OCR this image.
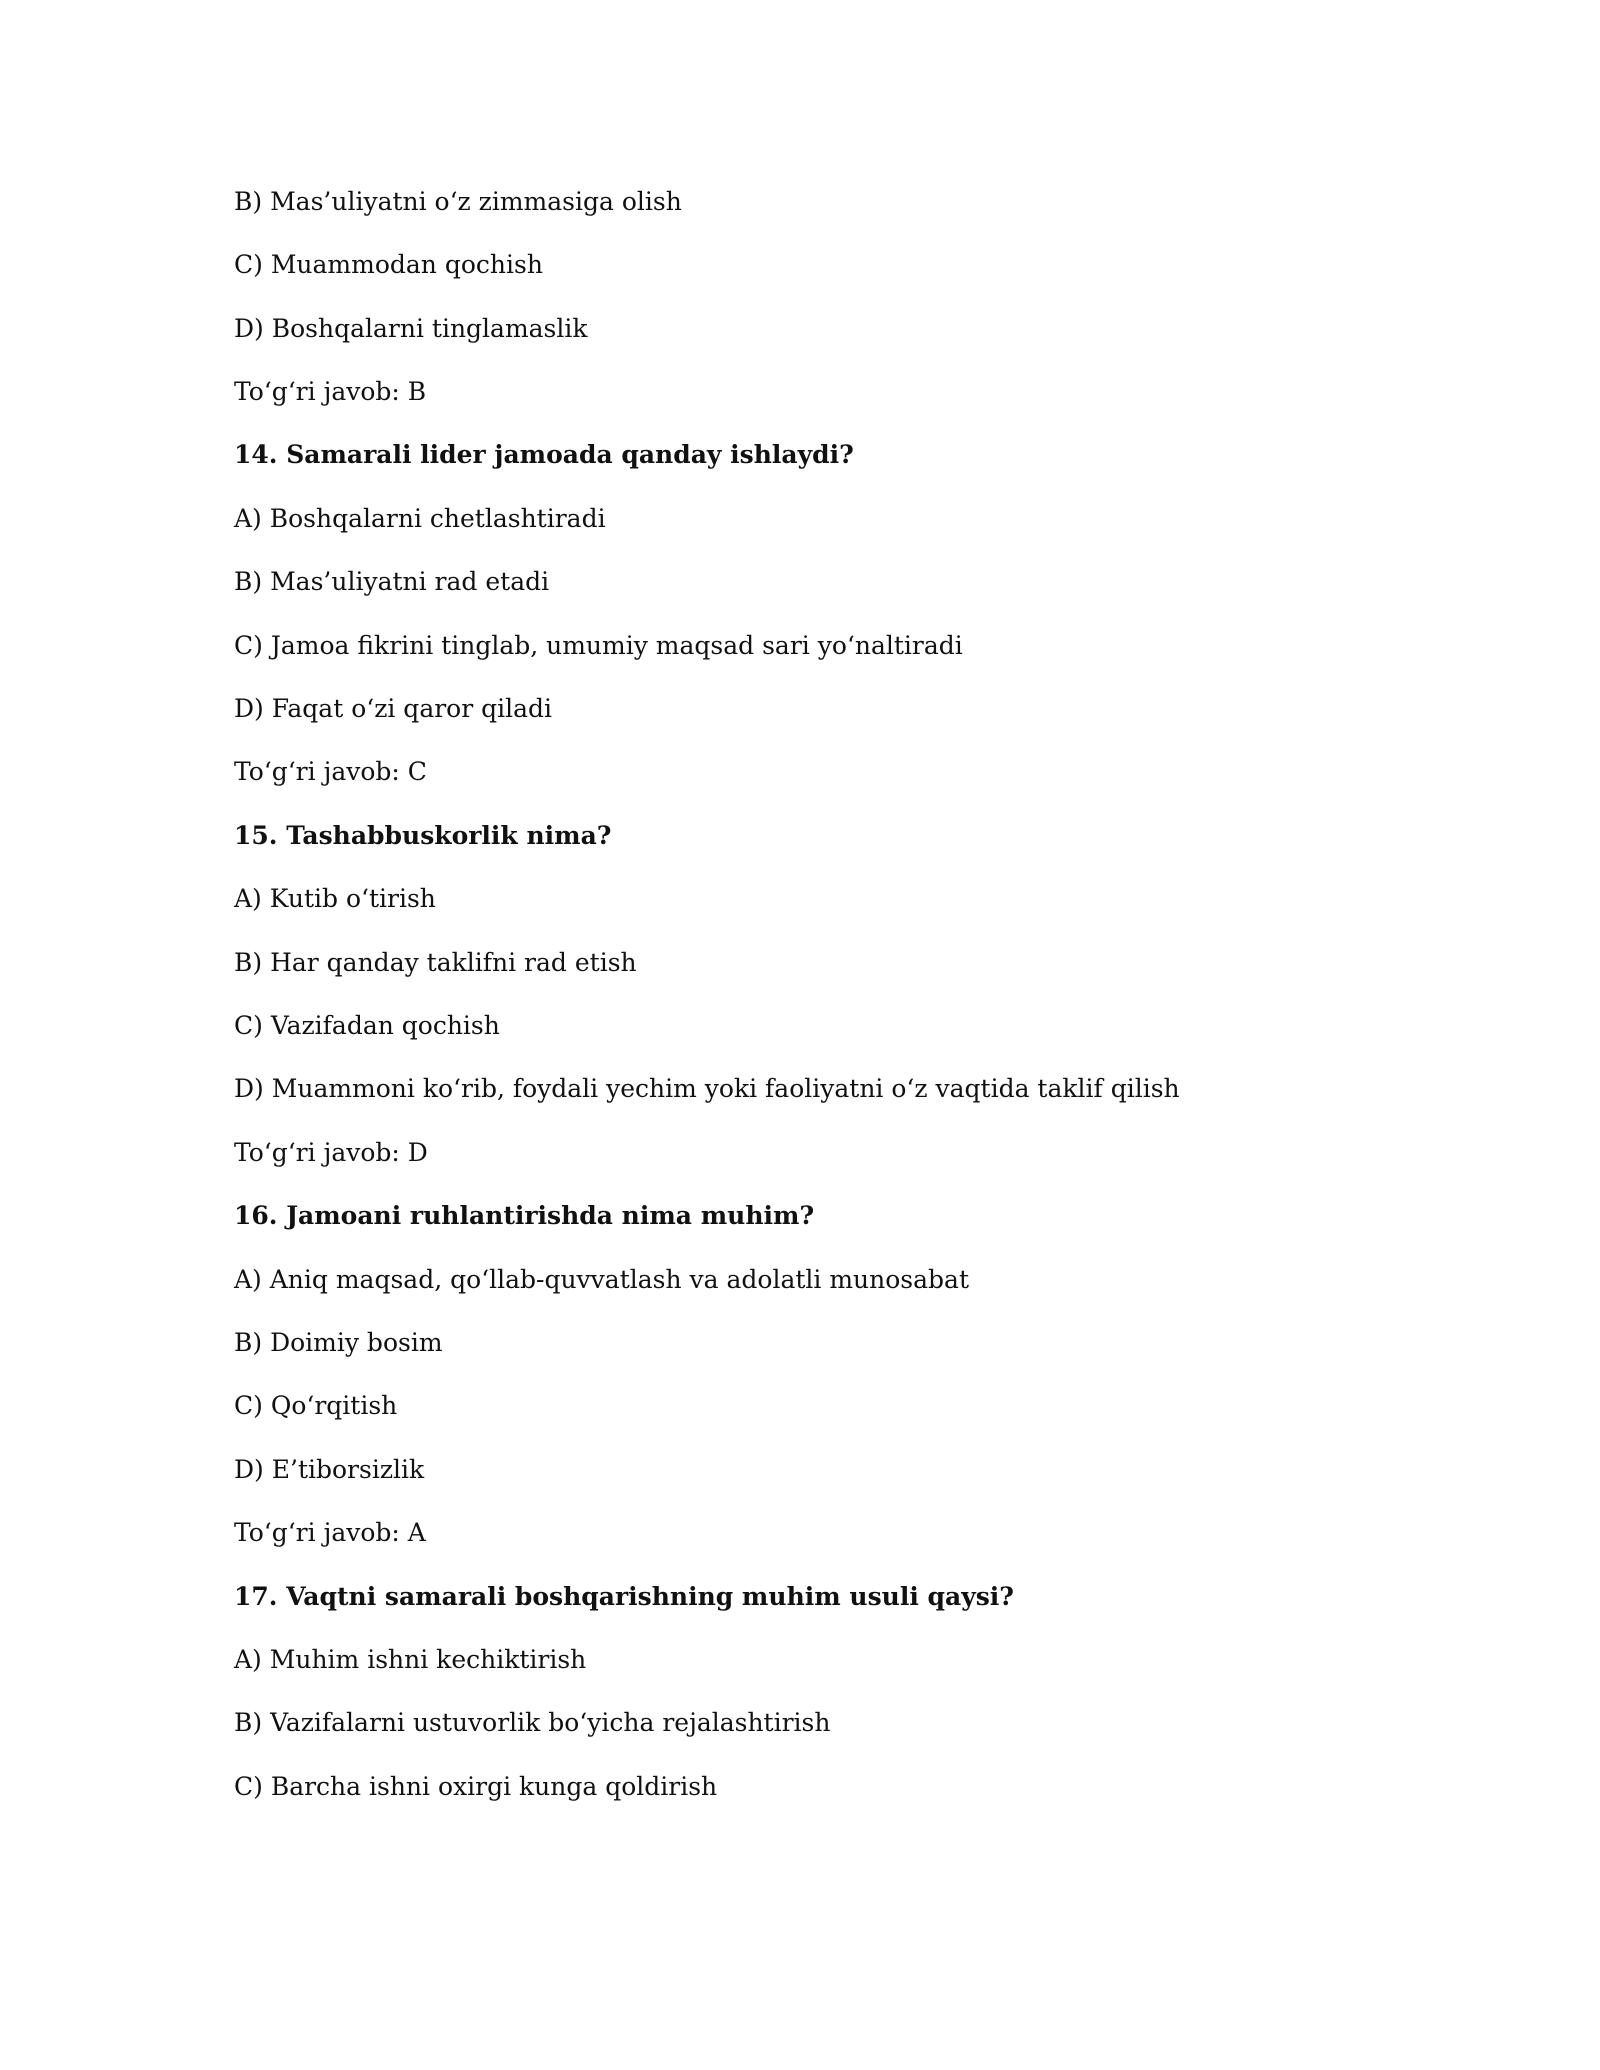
B) Mas’uliyatni oʻz zimmasiga olish

C) Muammodan qochish

D) Boshqalarni tinglamaslik

Toʻgʻri javob: B

14. Samarali lider jamoada qanday ishlaydi?

A) Boshqalarni chetlashtiradi

B) Mas’uliyatni rad etadi

C) Jamoa fikrini tinglab, umumiy maqsad sari yoʻnaltiradi

D) Faqat oʻzi qaror qiladi

Toʻgʻri javob: C

15. Tashabbuskorlik nima?

A) Kutib oʻtirish

B) Har qanday taklifni rad etish

C) Vazifadan qochish

D) Muammoni koʻrib, foydali yechim yoki faoliyatni oʻz vaqtida taklif qilish

Toʻgʻri javob: D

16. Jamoani ruhlantirishda nima muhim?

A) Aniq maqsad, qoʻllab-quvvatlash va adolatli munosabat

B) Doimiy bosim

C) Qoʻrqitish

D) E’tiborsizlik

Toʻgʻri javob: A

17. Vaqtni samarali boshqarishning muhim usuli qaysi?

A) Muhim ishni kechiktirish

B) Vazifalarni ustuvorlik boʻyicha rejalashtirish

C) Barcha ishni oxirgi kunga qoldirish
